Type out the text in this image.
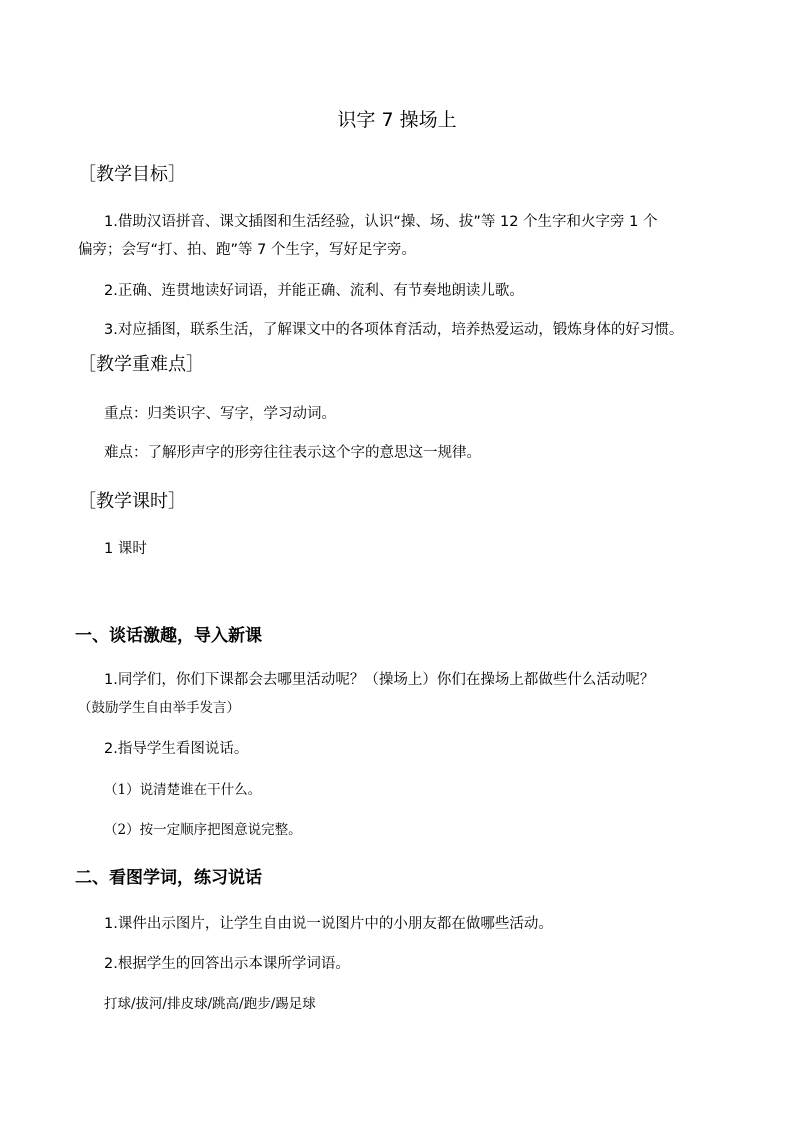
识字 7 操场上
［教学目标］
1.借助汉语拼音、课文插图和生活经验，认识“操、场、拔”等 12 个生字和火字旁 1 个
偏旁；会写“打、拍、跑”等 7 个生字，写好足字旁。
2.正确、连贯地读好词语，并能正确、流利、有节奏地朗读儿歌。
3.对应插图，联系生活，了解课文中的各项体育活动，培养热爱运动，锻炼身体的好习惯。
［教学重难点］
重点：归类识字、写字，学习动词。
难点：了解形声字的形旁往往表示这个字的意思这一规律。
［教学课时］
1 课时
一、谈话激趣，导入新课
1.同学们，你们下课都会去哪里活动呢？（操场上）你们在操场上都做些什么活动呢？
（鼓励学生自由举手发言）
2.指导学生看图说话。
（1）说清楚谁在干什么。
（2）按一定顺序把图意说完整。
二、看图学词，练习说话
1.课件出示图片，让学生自由说一说图片中的小朋友都在做哪些活动。
2.根据学生的回答出示本课所学词语。
打球/拔河/排皮球/跳高/跑步/踢足球
